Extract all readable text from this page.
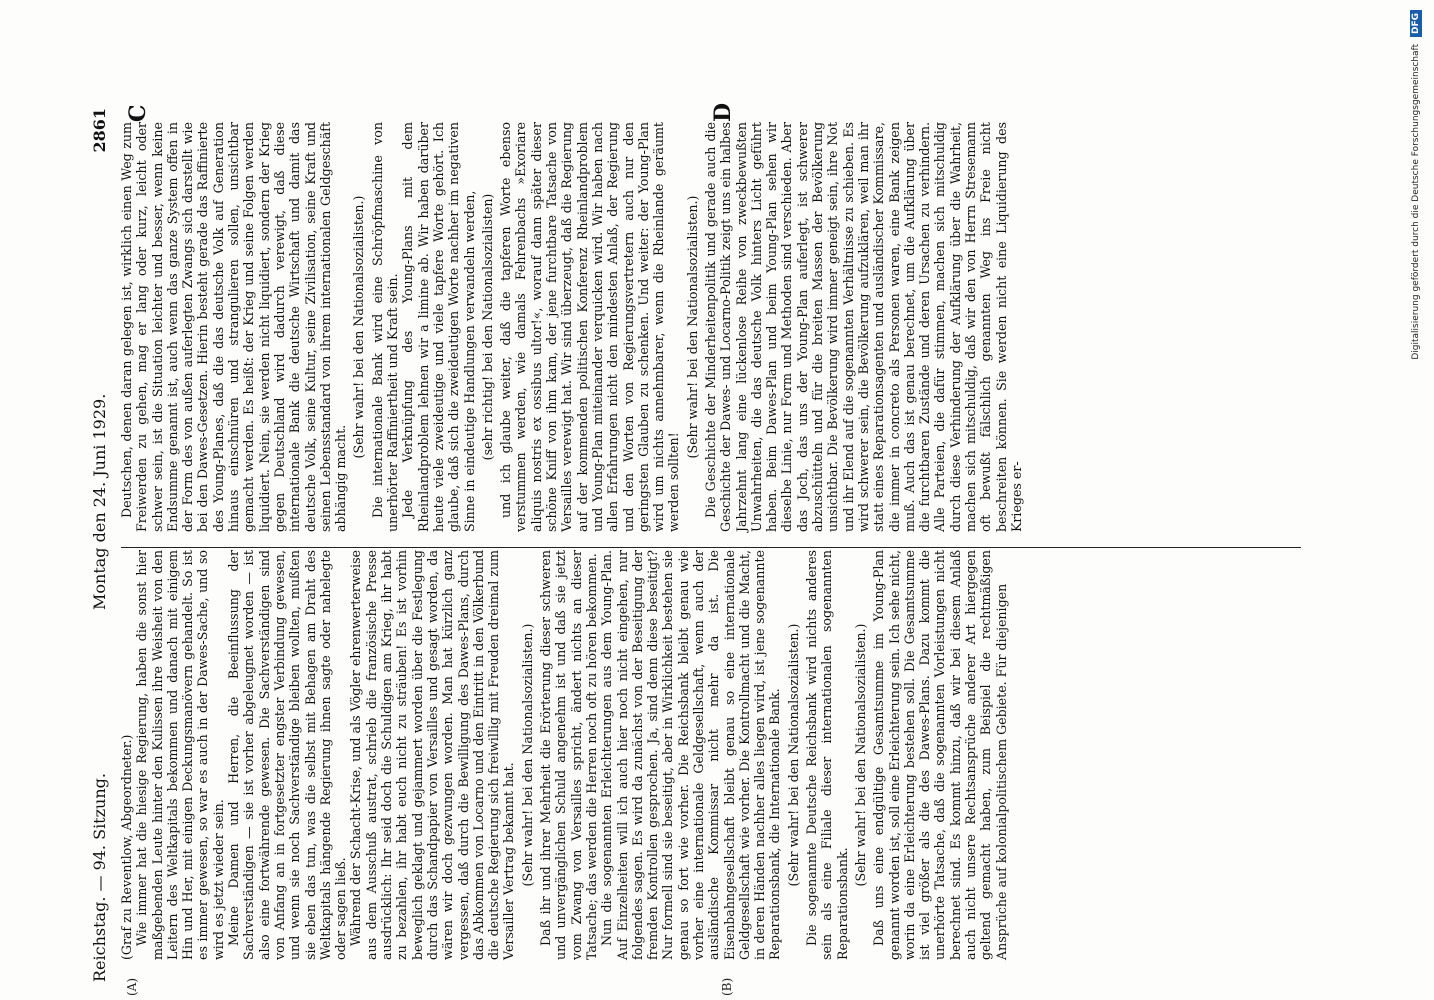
Reichstag. — 94. Sitzung.
Montag den 24. Juni 1929.
2861
(A)	(B)
C	D

(Graf zu Reventlow, Abgeordneter.) Wie immer hat die hiesige Regierung, haben die sonst hier maßgebenden Leute hinter den Kulissen ihre Weisheit von den Leitern des Weltkapitals bekommen und danach mit einigem Hin und Her, mit einigen Deckungsmanövern gehandelt. So ist es immer gewesen, so war es auch in der Dawes-Sache, und so wird es jetzt wieder sein. Meine Damen und Herren, die Beeinflussung der Sachverständigen — sie ist vorher abgeleugnet worden — ist also eine fortwährende gewesen. Die Sachverständigen sind von Anfang an in fortgesetzter engster Verbindung gewesen, und wenn sie noch Sachverständige bleiben wollten, mußten sie eben das tun, was die selbst mit Behagen am Draht des Weltkapitals hängende Regierung ihnen sagte oder nahelegte oder sagen ließ. Während der Schacht-Krise, und als Vögler ehrenwerterweise aus dem Ausschuß austrat, schrieb die französische Presse ausdrücklich: Ihr seid doch die Schuldigen am Krieg, ihr habt zu bezahlen, ihr habt euch nicht zu sträuben! Es ist vorhin beweglich geklagt und gejammert worden über die Festlegung durch das Schandpapier von Versailles und gesagt worden, da wären wir doch gezwungen worden. Man hat kürzlich ganz vergessen, daß durch die Bewilligung des Dawes-Plans, durch das Abkommen von Locarno und den Eintritt in den Völkerbund die deutsche Regierung sich freiwillig mit Freuden dreimal zum Versailler Vertrag bekannt hat. (Sehr wahr! bei den Nationalsozialisten.) Daß ihr und ihrer Mehrheit die Erörterung dieser schweren und unvergänglichen Schuld angenehm ist und daß sie jetzt vom Zwang von Versailles spricht, ändert nichts an dieser Tatsache; das werden die Herren noch oft zu hören bekommen. Nun die sogenannten Erleichterungen aus dem Young-Plan. Auf Einzelheiten will ich auch hier noch nicht eingehen, nur folgendes sagen. Es wird da zunächst von der Beseitigung der fremden Kontrollen gesprochen. Ja, sind denn diese beseitigt? Nur formell sind sie beseitigt, aber in Wirklichkeit bestehen sie genau so fort wie vorher. Die Reichsbank bleibt genau wie vorher eine internationale Geldgesellschaft, wenn auch der ausländische Kommissar nicht mehr da ist. Die Eisenbahngesellschaft bleibt genau so eine internationale Geldgesellschaft wie vorher. Die Kontrollmacht und die Macht, in deren Händen nachher alles liegen wird, ist jene sogenannte Reparationsbank, die Internationale Bank. (Sehr wahr! bei den Nationalsozialisten.) Die sogenannte Deutsche Reichsbank wird nichts anderes sein als eine Filiale dieser internationalen sogenannten Reparationsbank.

(Sehr wahr! bei den Nationalsozialisten.) Daß uns eine endgültige Gesamtsumme im Young-Plan genannt worden ist, soll eine Erleichterung sein. Ich sehe nicht, worin da eine Erleichterung bestehen soll. Die Gesamtsumme ist viel größer als die des Dawes-Plans. Dazu kommt die unerhörte Tatsache, daß die sogenannten Vorleistungen nicht berechnet sind. Es kommt hinzu, daß wir bei diesem Anlaß auch nicht unsere Rechtsansprüche anderer Art hiergegen geltend gemacht haben, zum Beispiel die rechtmäßigen Ansprüche auf kolonialpolitischem Gebiete. Für diejenigen

Deutschen, denen daran gelegen ist, wirklich einen Weg zum Freiwerden zu gehen, mag er lang oder kurz, leicht oder schwer sein, ist die Situation leichter und besser, wenn keine Endsumme genannt ist, auch wenn das ganze System offen in der Form des von außen auferlegten Zwangs sich darstellt wie bei den Dawes-Gesetzen. Hierin besteht gerade das Raffinierte des Young-Planes, daß die das deutsche Volk auf Generation hinaus einschnüren und strangulieren sollen, unsichtbar gemacht werden. Es heißt: der Krieg und seine Folgen werden liquidiert. Nein, sie werden nicht liquidiert, sondern der Krieg gegen Deutschland wird dadurch verewigt, daß diese internationale Bank die deutsche Wirtschaft und damit das deutsche Volk, seine Kultur, seine Zivilisation, seine Kraft und seinen Lebensstandard von ihrem internationalen Geldgeschäft abhängig macht.

(Sehr wahr! bei den Nationalsozialisten.) Die internationale Bank wird eine Schröpfmaschine von unerhörter Raffiniertheit und Kraft sein. Jede Verknüpfung des Young-Plans mit dem Rheinlandproblem lehnen wir a limine ab. Wir haben darüber heute viele zweideutige und viele tapfere Worte gehört. Ich glaube, daß sich die zweideutigen Worte nachher im negativen Sinne in eindeutige Handlungen verwandeln werden, (sehr richtig! bei den Nationalsozialisten) und ich glaube weiter, daß die tapferen Worte ebenso verstummen werden, wie damals Fehrenbachs »Exoriare aliquis nostris ex ossibus ultor!«, worauf dann später dieser schöne Kniff von ihm kam, der jene furchtbare Tatsache von Versailles verewigt hat. Wir sind überzeugt, daß die Regierung auf der kommenden politischen Konferenz Rheinlandproblem und Young-Plan miteinander verquicken wird. Wir haben nach allen Erfahrungen nicht den mindesten Anlaß, der Regierung und den Worten von Regierungsvertretern auch nur den geringsten Glauben zu schenken. Und weiter: der Young-Plan wird um nichts annehmbarer, wenn die Rheinlande geräumt werden sollten!

(Sehr wahr! bei den Nationalsozialisten.) Die Geschichte der Minderheitenpolitik und gerade auch die Geschichte der Dawes- und Locarno-Politik zeigt uns ein halbes Jahrzehnt lang eine lückenlose Reihe von zweckbewußten Unwahrheiten, die das deutsche Volk hinters Licht geführt haben. Beim Dawes-Plan und beim Young-Plan sehen wir dieselbe Linie, nur Form und Methoden sind verschieden. Aber das Joch, das uns der Young-Plan auferlegt, ist schwerer abzuschütteln und für die breiten Massen der Bevölkerung unsichtbar. Die Bevölkerung wird immer geneigt sein, ihre Not und ihr Elend auf die sogenannten Verhältnisse zu schieben. Es wird schwerer sein, die Bevölkerung aufzuklären, weil man ihr statt eines Reparationsagenten und ausländischer Kommissare, die immer in concreto als Personen waren, eine Bank zeigen muß. Auch das ist genau berechnet, um die Aufklärung über die furchtbaren Zustände und deren Ursachen zu verhindern. Alle Parteien, die dafür stimmen, machen sich mitschuldig durch diese Verhinderung der Aufklärung über die Wahrheit, machen sich mitschuldig, daß wir den von Herrn Stresemann oft bewußt fälschlich genannten Weg ins Freie nicht beschreiten können. Sie werden nicht eine Liquidierung des Krieges er-

Digitalisierung gefördert durch die Deutsche Forschungsgemeinschaft DFG
